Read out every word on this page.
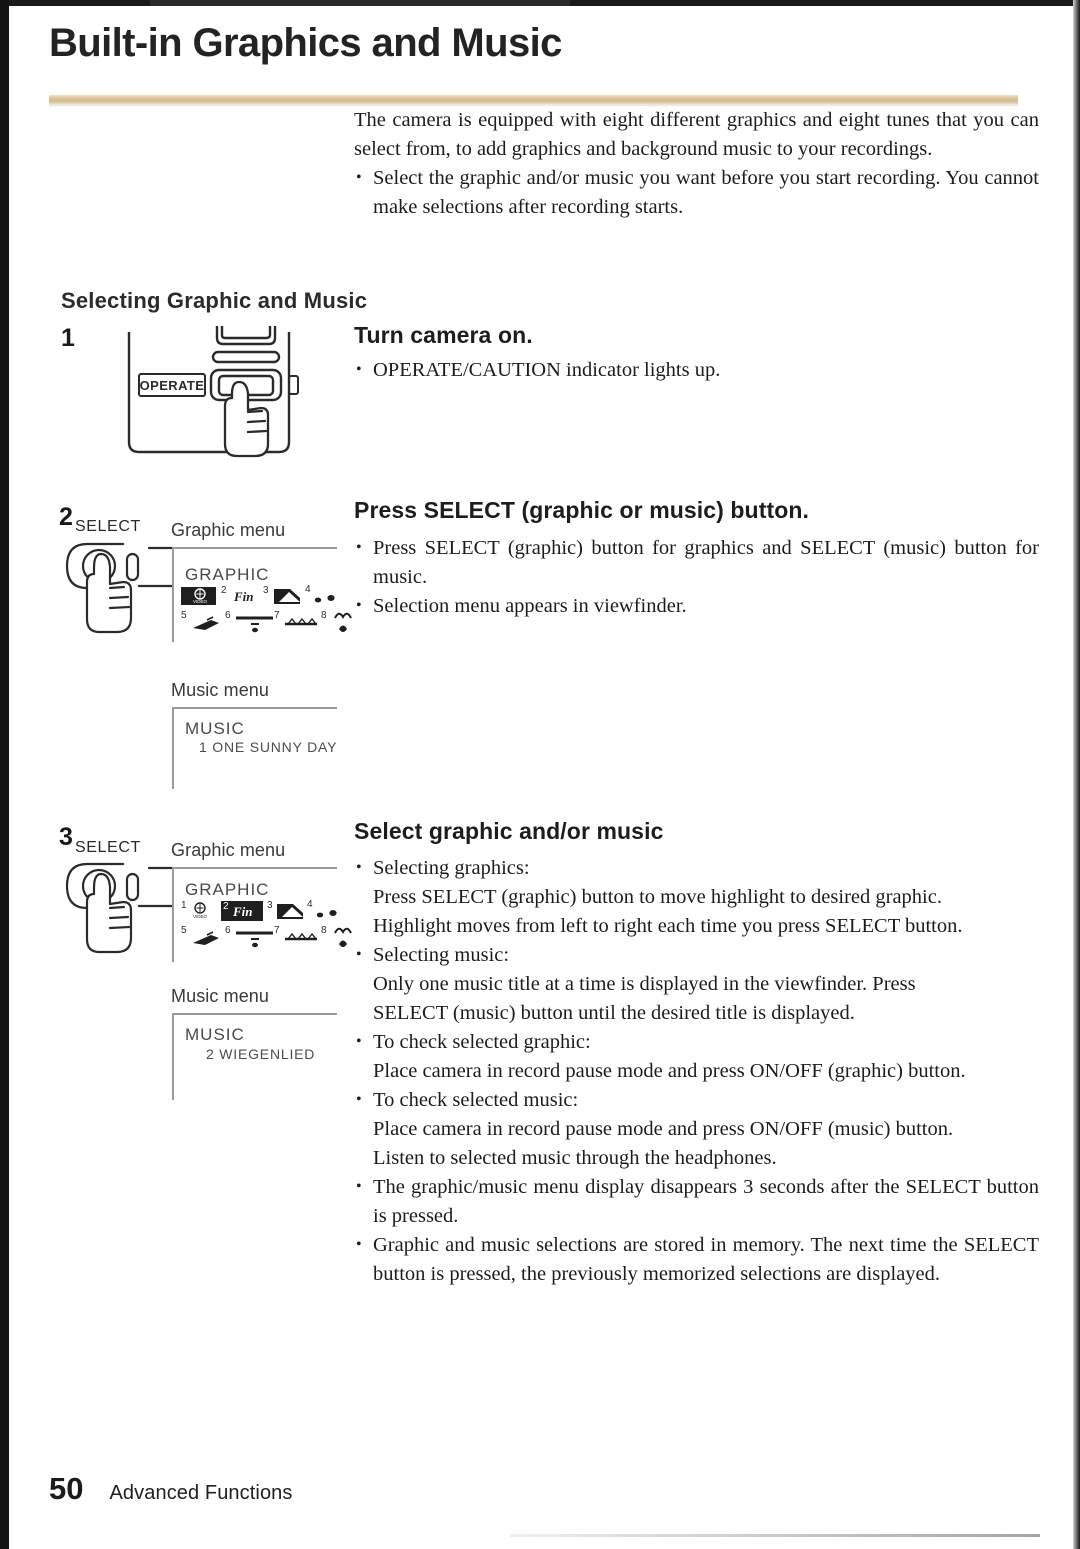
Built-in Graphics and Music

The camera is equipped with eight different graphics and eight tunes that you can select from, to add graphics and background music to your recordings.

• Select the graphic and/or music you want before you start recording. You cannot make selections after recording starts.

Selecting Graphic and Music
1
OPERATE
Turn camera on.

• OPERATE/CAUTION indicator lights up.

2 SELECT Graphic menu
GRAPHIC
VIDEO
2 Fin 3	4
5	6	7	8
Music menu
MUSIC
1 ONE SUNNY DAY
Press SELECT (graphic or music) button.

• Press SELECT (graphic) button for graphics and SELECT (music) button for music.

• Selection menu appears in viewfinder.

3 SELECT Graphic menu
GRAPHIC
1
VIDEO
2 Fin 3	4
5	6	7	8
Music menu
MUSIC
2 WIEGENLIED
Select graphic and/or music

• Selecting graphics:

Press SELECT (graphic) button to move highlight to desired graphic.

Highlight moves from left to right each time you press SELECT button.

• Selecting music:

Only one music title at a time is displayed in the viewfinder. Press

SELECT (music) button until the desired title is displayed.

• To check selected graphic:

Place camera in record pause mode and press ON/OFF (graphic) button.

• To check selected music:

Place camera in record pause mode and press ON/OFF (music) button.

Listen to selected music through the headphones.

• The graphic/music menu display disappears 3 seconds after the SELECT button is pressed.

• Graphic and music selections are stored in memory. The next time the SELECT button is pressed, the previously memorized selections are displayed.

50 Advanced Functions
